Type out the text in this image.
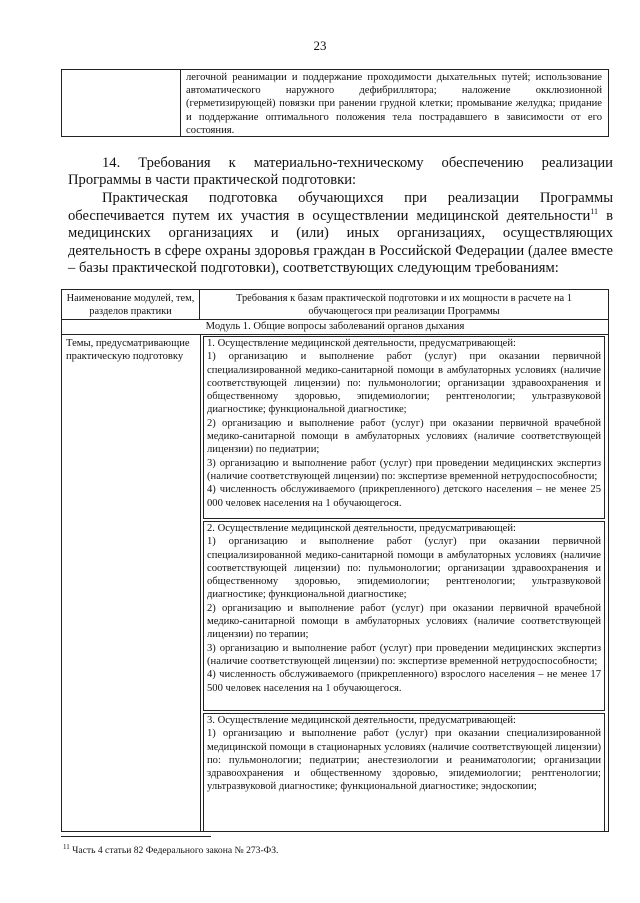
23
легочной реанимации и поддержание проходимости дыхательных путей; использование автоматического наружного дефибриллятора; наложение окклюзионной (герметизирующей) повязки при ранении грудной клетки; промывание желудка; придание и поддержание оптимального положения тела пострадавшего в зависимости от его состояния.

14. Требования к материально-техническому обеспечению реализации Программы в части практической подготовки:

Практическая подготовка обучающихся при реализации Программы обеспечивается путем их участия в осуществлении медицинской деятельности$^{11}$ в медицинских организациях и (или) иных организациях, осуществляющих деятельность в сфере охраны здоровья граждан в Российской Федерации (далее вместе – базы практической подготовки), соответствующих следующим требованиям:

Наименование модулей, тем, разделов практики
Требования к базам практической подготовки и их мощности в расчете на 1 обучающегося при реализации Программы
Модуль 1. Общие вопросы заболеваний органов дыхания
Темы, предусматривающие практическую подготовку

1. Осуществление медицинской деятельности, предусматривающей:

1) организацию и выполнение работ (услуг) при оказании первичной специализированной медико-санитарной помощи в амбулаторных условиях (наличие соответствующей лицензии) по: пульмонологии; организации здравоохранения и общественному здоровью, эпидемиологии; рентгенологии; ультразвуковой диагностике; функциональной диагностике;

2) организацию и выполнение работ (услуг) при оказании первичной врачебной медико-санитарной помощи в амбулаторных условиях (наличие соответствующей лицензии) по педиатрии;

3) организацию и выполнение работ (услуг) при проведении медицинских экспертиз (наличие соответствующей лицензии) по: экспертизе временной нетрудоспособности;

4) численность обслуживаемого (прикрепленного) детского населения – не менее 25 000 человек населения на 1 обучающегося.

2. Осуществление медицинской деятельности, предусматривающей:

1) организацию и выполнение работ (услуг) при оказании первичной специализированной медико-санитарной помощи в амбулаторных условиях (наличие соответствующей лицензии) по: пульмонологии; организации здравоохранения и общественному здоровью, эпидемиологии; рентгенологии; ультразвуковой диагностике; функциональной диагностике;

2) организацию и выполнение работ (услуг) при оказании первичной врачебной медико-санитарной помощи в амбулаторных условиях (наличие соответствующей лицензии) по терапии;

3) организацию и выполнение работ (услуг) при проведении медицинских экспертиз (наличие соответствующей лицензии) по: экспертизе временной нетрудоспособности;

4) численность обслуживаемого (прикрепленного) взрослого населения – не менее 17 500 человек населения на 1 обучающегося.

3. Осуществление медицинской деятельности, предусматривающей:

1) организацию и выполнение работ (услуг) при оказании специализированной медицинской помощи в стационарных условиях (наличие соответствующей лицензии) по: пульмонологии; педиатрии; анестезиологии и реаниматологии; организации здравоохранения и общественному здоровью, эпидемиологии; рентгенологии; ультразвуковой диагностике; функциональной диагностике; эндоскопии;

$^{11}$ Часть 4 статьи 82 Федерального закона № 273-ФЗ.
